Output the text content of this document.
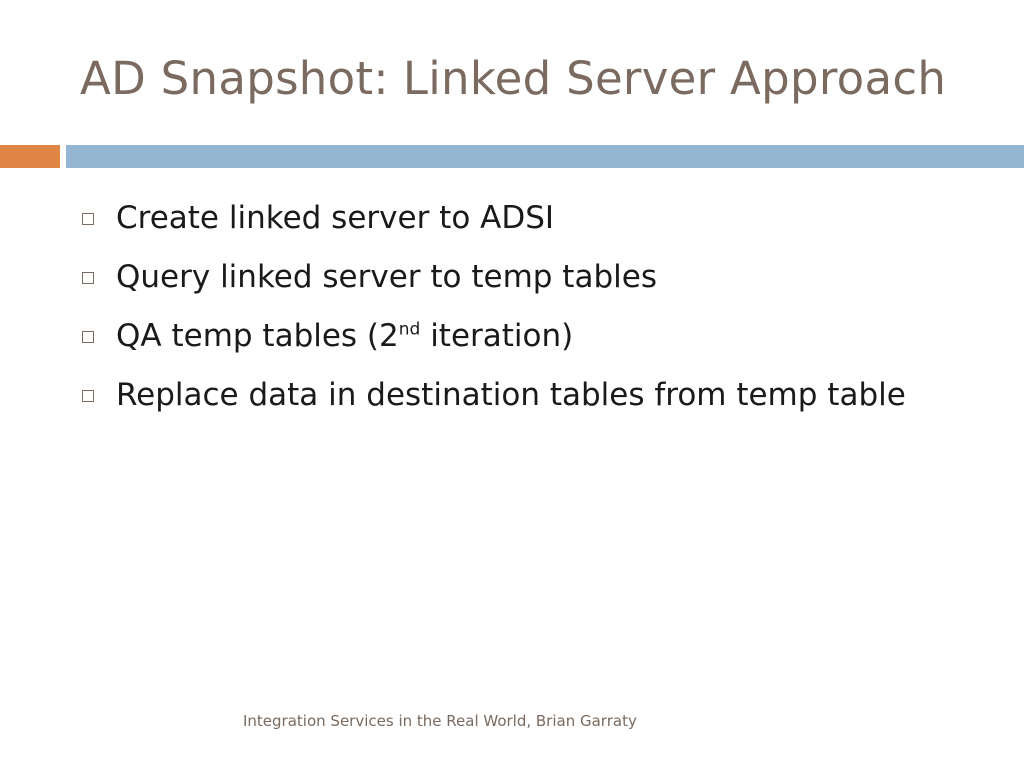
AD Snapshot: Linked Server Approach
Create linked server to ADSI
Query linked server to temp tables
QA temp tables (2nd iteration)
Replace data in destination tables from temp table
Integration Services in the Real World, Brian Garraty
